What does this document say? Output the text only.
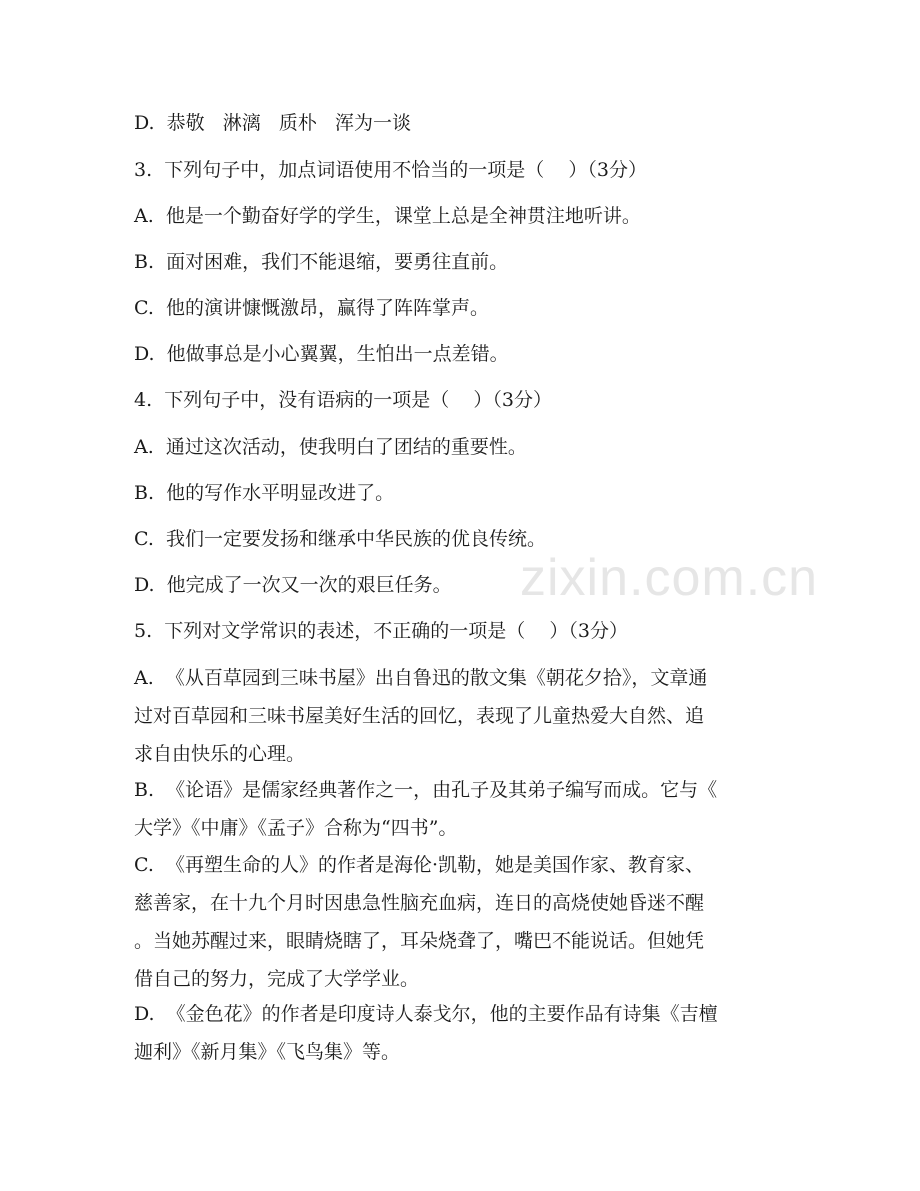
zixin.com.cn
D.  恭敬   淋漓   质朴   浑为一谈
3.  下列句子中，加点词语使用不恰当的一项是（    ）（3分）
A.  他是一个勤奋好学的学生，课堂上总是全神贯注地听讲。
B.  面对困难，我们不能退缩，要勇往直前。
C.  他的演讲慷慨激昂，赢得了阵阵掌声。
D.  他做事总是小心翼翼，生怕出一点差错。
4.  下列句子中，没有语病的一项是（    ）（3分）
A.  通过这次活动，使我明白了团结的重要性。
B.  他的写作水平明显改进了。
C.  我们一定要发扬和继承中华民族的优良传统。
D.  他完成了一次又一次的艰巨任务。
5.  下列对文学常识的表述，不正确的一项是（    ）（3分）
A.  《从百草园到三味书屋》出自鲁迅的散文集《朝花夕拾》，文章通
过对百草园和三味书屋美好生活的回忆，表现了儿童热爱大自然、追
求自由快乐的心理。
B.  《论语》是儒家经典著作之一，由孔子及其弟子编写而成。它与《
大学》《中庸》《孟子》合称为“四书”。
C.  《再塑生命的人》的作者是海伦·凯勒，她是美国作家、教育家、
慈善家，在十九个月时因患急性脑充血病，连日的高烧使她昏迷不醒
。当她苏醒过来，眼睛烧瞎了，耳朵烧聋了，嘴巴不能说话。但她凭
借自己的努力，完成了大学学业。
D.  《金色花》的作者是印度诗人泰戈尔，他的主要作品有诗集《吉檀
迦利》《新月集》《飞鸟集》等。
